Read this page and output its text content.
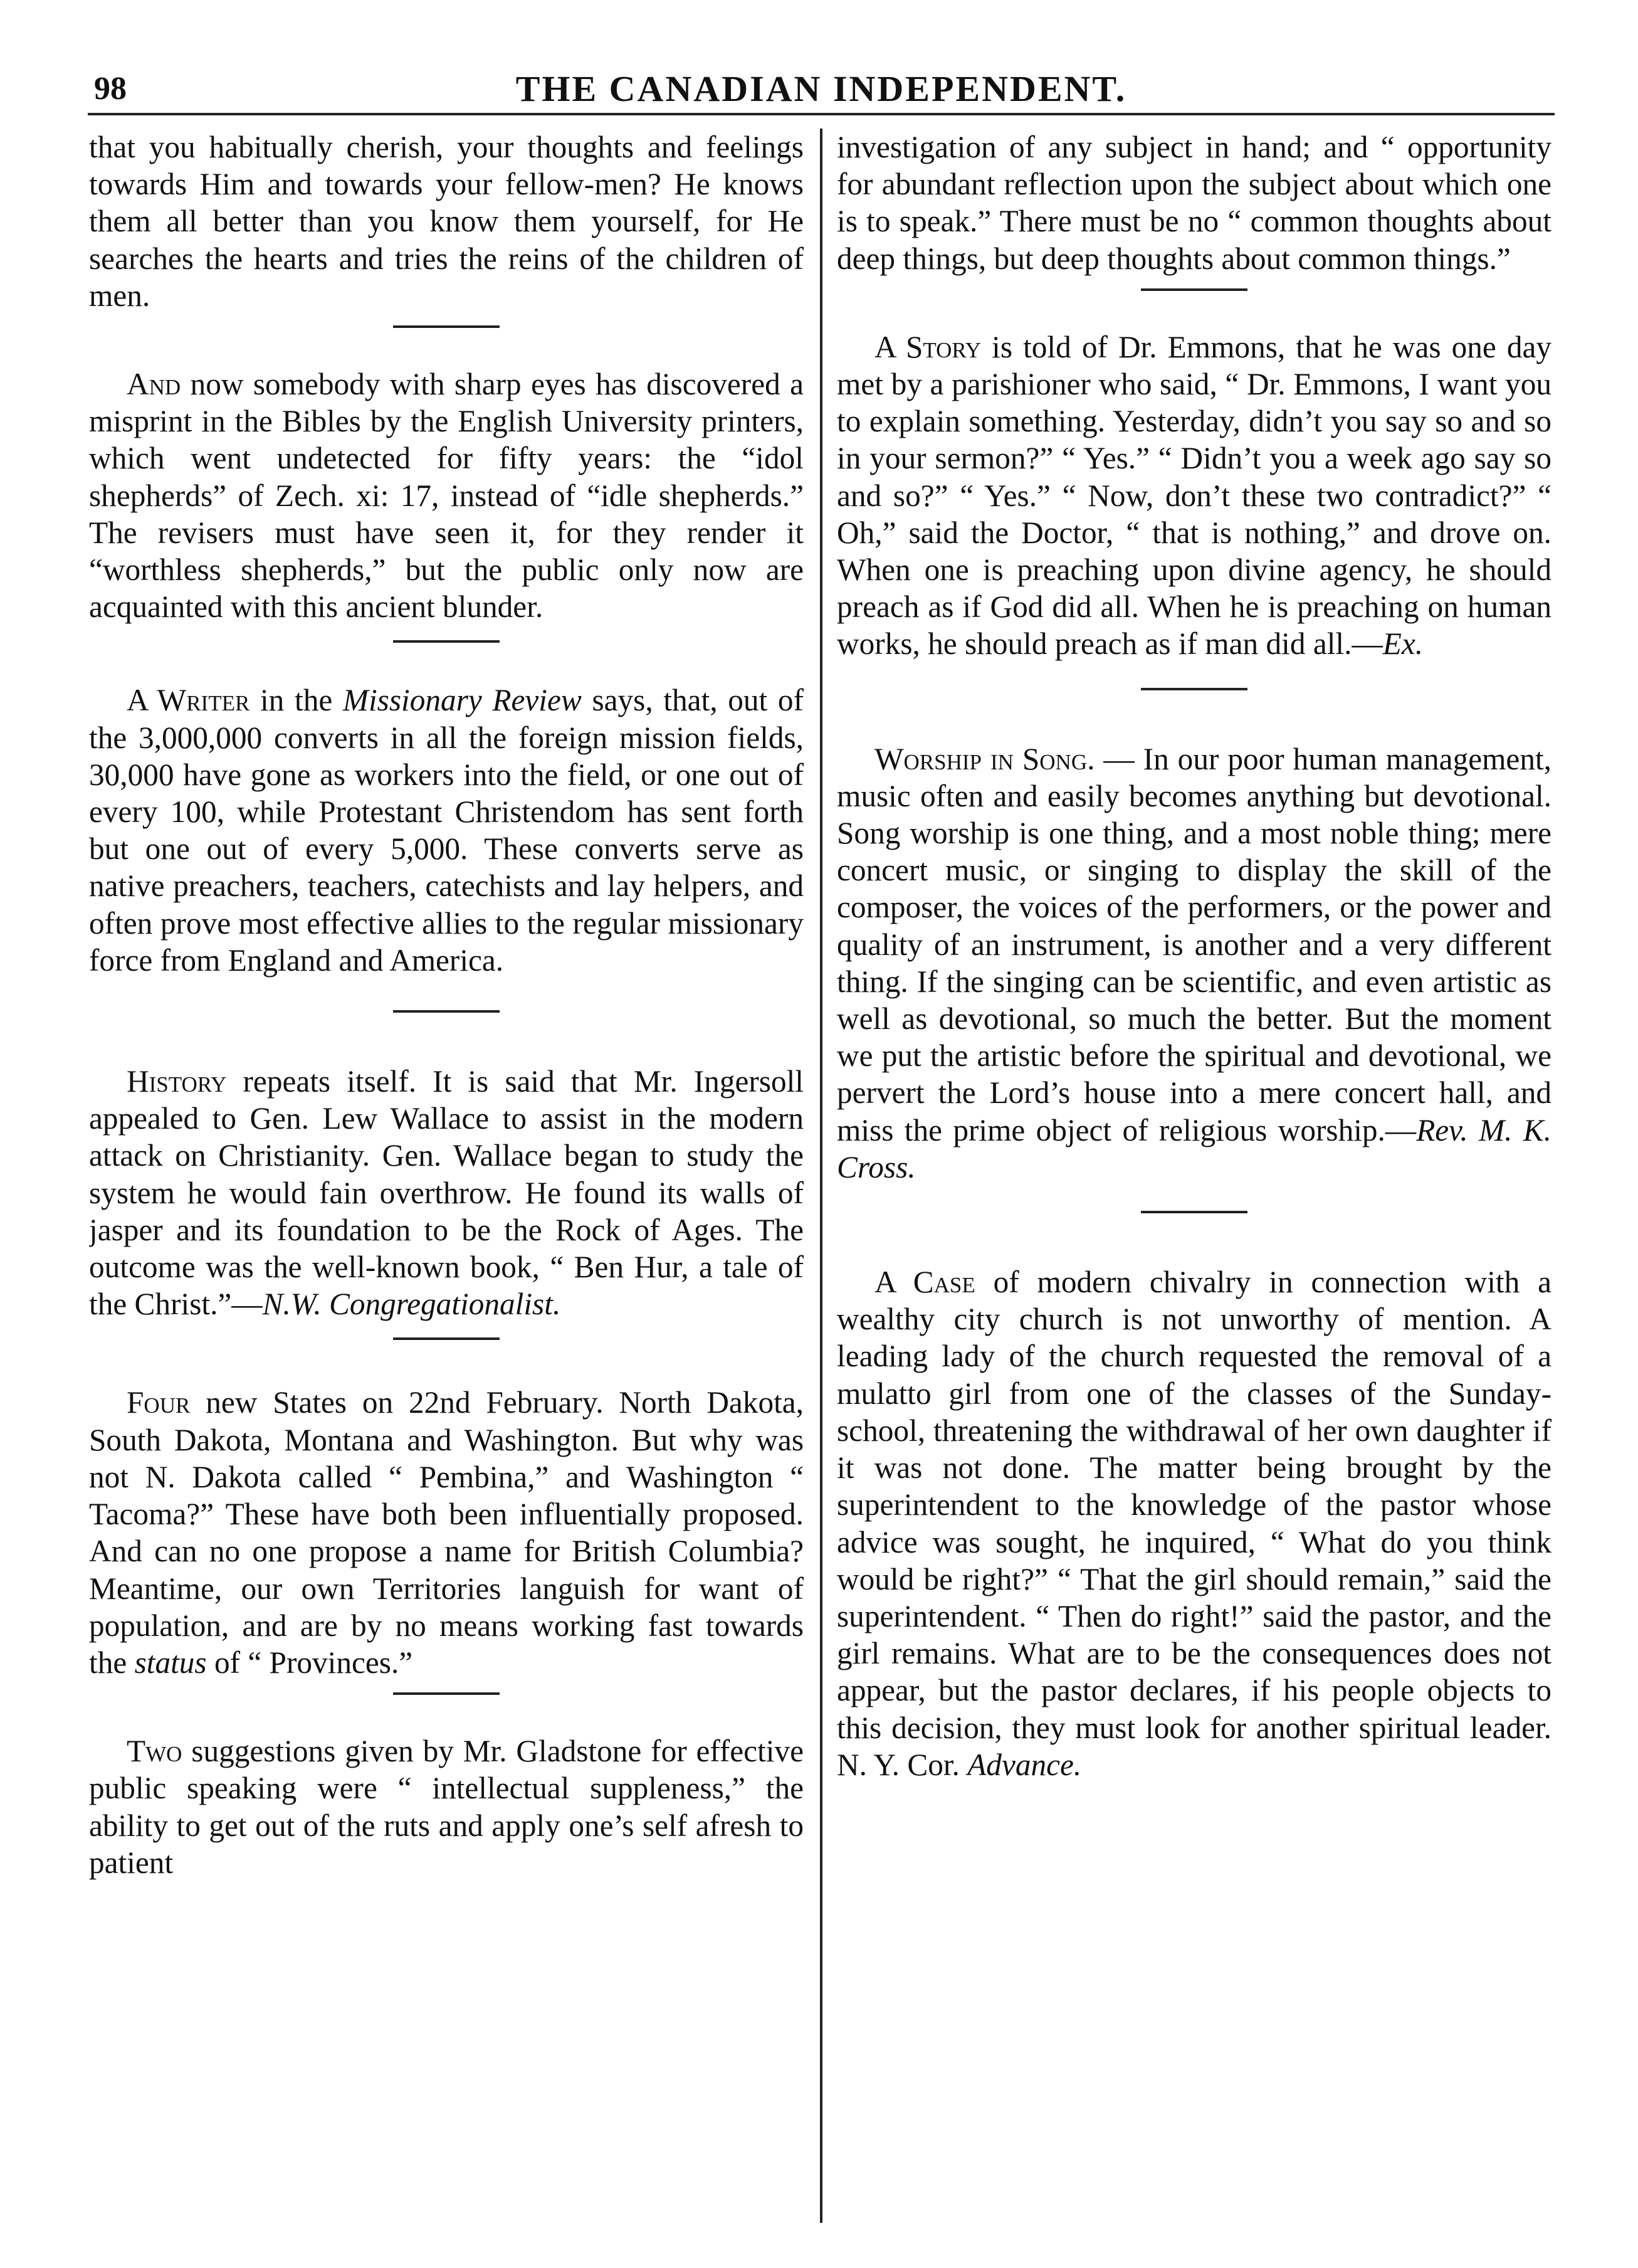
98	THE CANADIAN INDEPENDENT.

that you habitually cherish, your thoughts and feelings towards Him and towards your fellow-men? He knows them all better than you know them yourself, for He searches the hearts and tries the reins of the children of men.

And now somebody with sharp eyes has discovered a misprint in the Bibles by the English University printers, which went undetected for fifty years: the “idol shepherds” of Zech. xi: 17, instead of “idle shepherds.” The revisers must have seen it, for they render it “worthless shepherds,” but the public only now are acquainted with this ancient blunder.

A Writer in the Missionary Review says, that, out of the 3,000,000 converts in all the foreign mission fields, 30,000 have gone as workers into the field, or one out of every 100, while Protestant Christendom has sent forth but one out of every 5,000. These converts serve as native preachers, teachers, catechists and lay helpers, and often prove most effective allies to the regular missionary force from England and America.

History repeats itself. It is said that Mr. Ingersoll appealed to Gen. Lew Wallace to assist in the modern attack on Christianity. Gen. Wallace began to study the system he would fain overthrow. He found its walls of jasper and its foundation to be the Rock of Ages. The outcome was the well-known book, “ Ben Hur, a tale of the Christ.”—N.W. Congregationalist.

Four new States on 22nd February. North Dakota, South Dakota, Montana and Washington. But why was not N. Dakota called “ Pembina,” and Washington “ Tacoma?” These have both been influentially proposed. And can no one propose a name for British Columbia? Meantime, our own Territories languish for want of population, and are by no means working fast towards the status of “ Provinces.”

Two suggestions given by Mr. Gladstone for effective public speaking were “ intellectual suppleness,” the ability to get out of the ruts and apply one’s self afresh to patient

investigation of any subject in hand; and “ opportunity for abundant reflection upon the subject about which one is to speak.” There must be no “ common thoughts about deep things, but deep thoughts about common things.”

A Story is told of Dr. Emmons, that he was one day met by a parishioner who said, “ Dr. Emmons, I want you to explain something. Yesterday, didn’t you say so and so in your sermon?” “ Yes.” “ Didn’t you a week ago say so and so?” “ Yes.” “ Now, don’t these two contradict?” “ Oh,” said the Doctor, “ that is nothing,” and drove on. When one is preaching upon divine agency, he should preach as if God did all. When he is preaching on human works, he should preach as if man did all.—Ex.

Worship in Song. — In our poor human management, music often and easily becomes anything but devotional. Song worship is one thing, and a most noble thing; mere concert music, or singing to display the skill of the composer, the voices of the performers, or the power and quality of an instrument, is another and a very different thing. If the singing can be scientific, and even artistic as well as devotional, so much the better. But the moment we put the artistic before the spiritual and devotional, we pervert the Lord’s house into a mere concert hall, and miss the prime object of religious worship.—Rev. M. K. Cross.

A Case of modern chivalry in connection with a wealthy city church is not unworthy of mention. A leading lady of the church requested the removal of a mulatto girl from one of the classes of the Sunday-school, threatening the withdrawal of her own daughter if it was not done. The matter being brought by the superintendent to the knowledge of the pastor whose advice was sought, he inquired, “ What do you think would be right?” “ That the girl should remain,” said the superintendent. “ Then do right!” said the pastor, and the girl remains. What are to be the consequences does not appear, but the pastor declares, if his people objects to this decision, they must look for another spiritual leader. N. Y. Cor. Advance.
